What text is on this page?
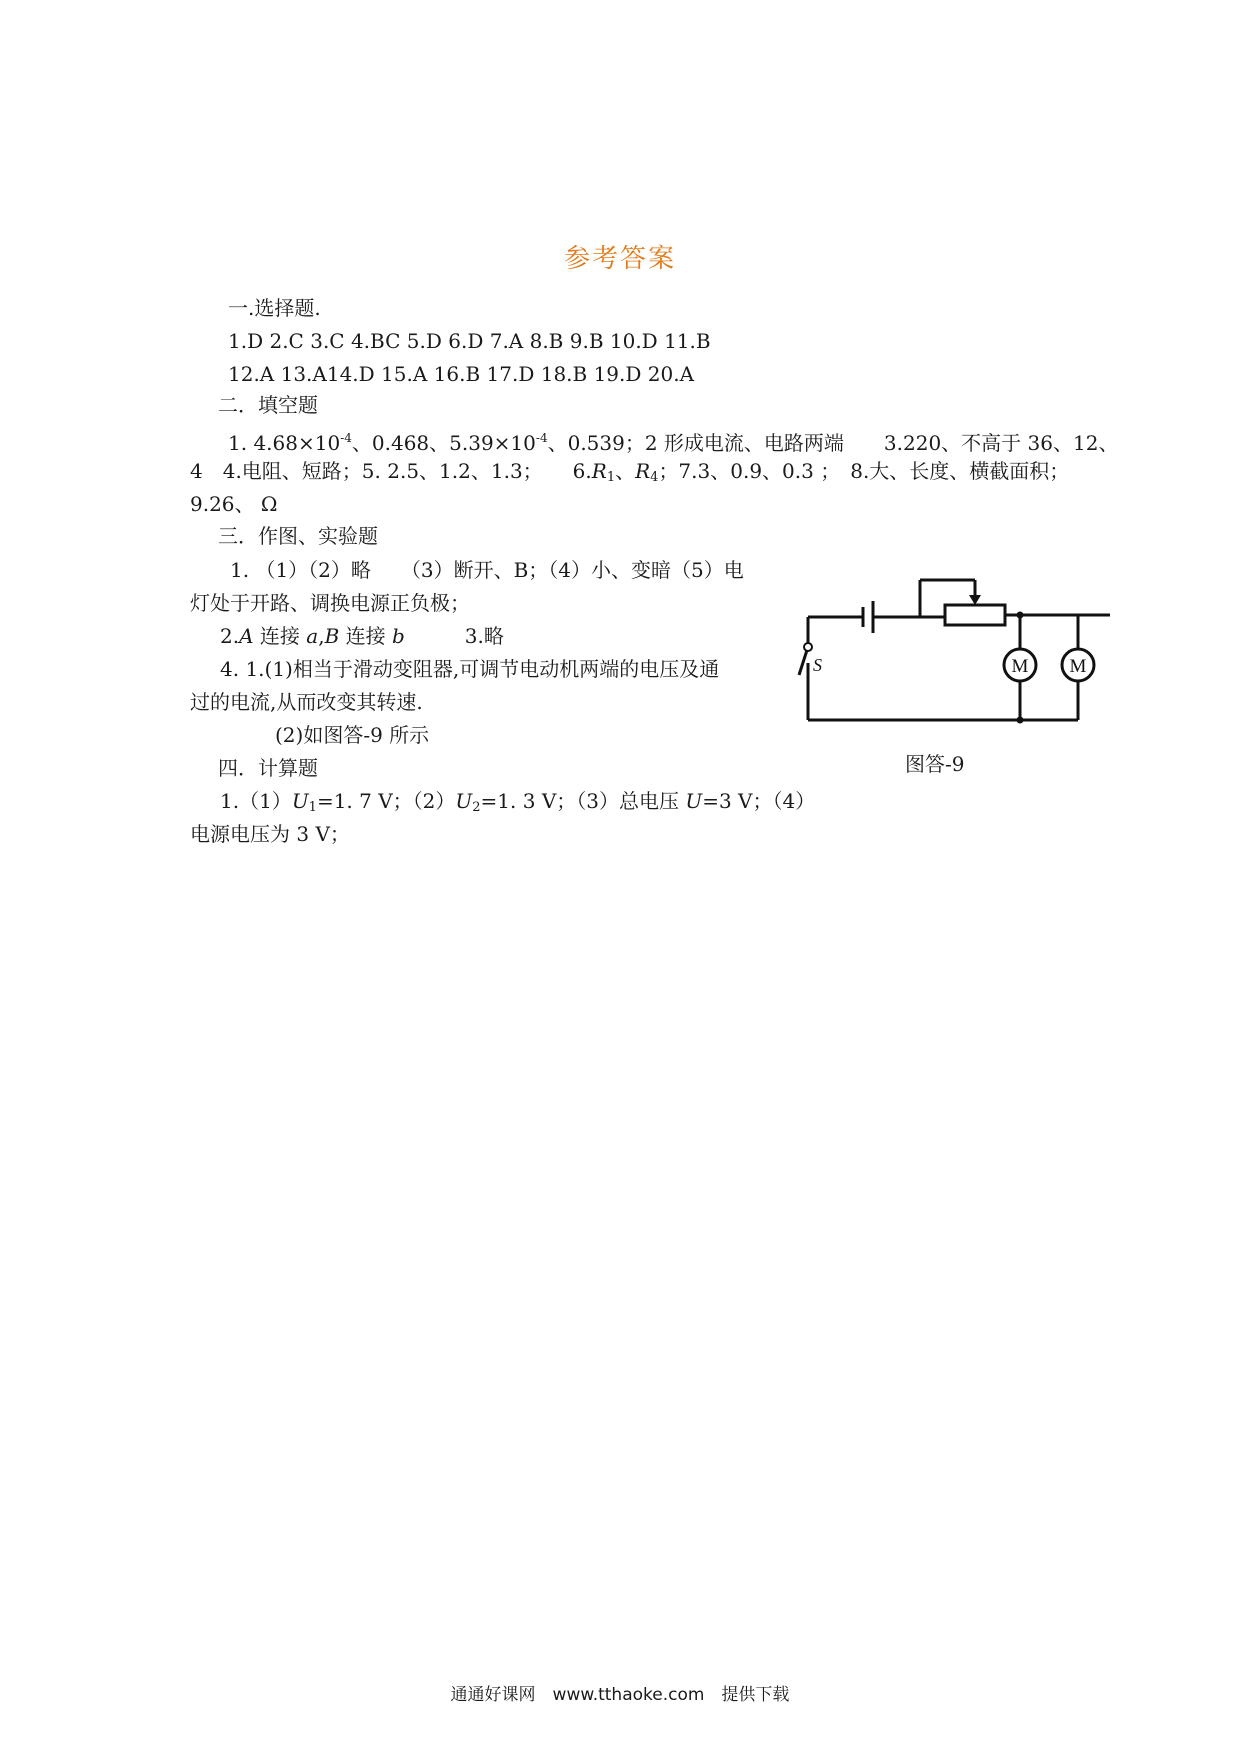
参考答案
一.选择题.
1.D 2.C 3.C 4.BC 5.D 6.D 7.A 8.B 9.B 10.D 11.B
12.A 13.A14.D 15.A 16.B 17.D 18.B 19.D 20.A
二．填空题
1. $4.68\times 10^{-4}$、0.468、$5.39\times 10^{-4}$、0.539；2 形成电流、电路两端　　3.220、不高于 36、12、
4　4.电阻、短路；5. 2.5、1.2、1.3；　　$6.R_1$、$R_4$；7.3、0.9、0.3 ；　8.大、长度、横截面积；
9.26、 Ω
三．作图、实验题
1. （1）（2）略　　（3）断开、B；（4）小、变暗（5）电
灯处于开路、调换电源正负极；
2.A 连接 a,B 连接 b　　　3.略
4. 1.(1)相当于滑动变阻器,可调节电动机两端的电压及通
过的电流,从而改变其转速.
(2)如图答-9 所示
四．计算题
$1.(1)U_1=1$. 7 V；$(2)U_2=1$. 3 V；（3）总电压 U=3 V；（4）
电源电压为 3 V；
M M
S
图答-9
通通好课网　www.tthaoke.com　提供下载
